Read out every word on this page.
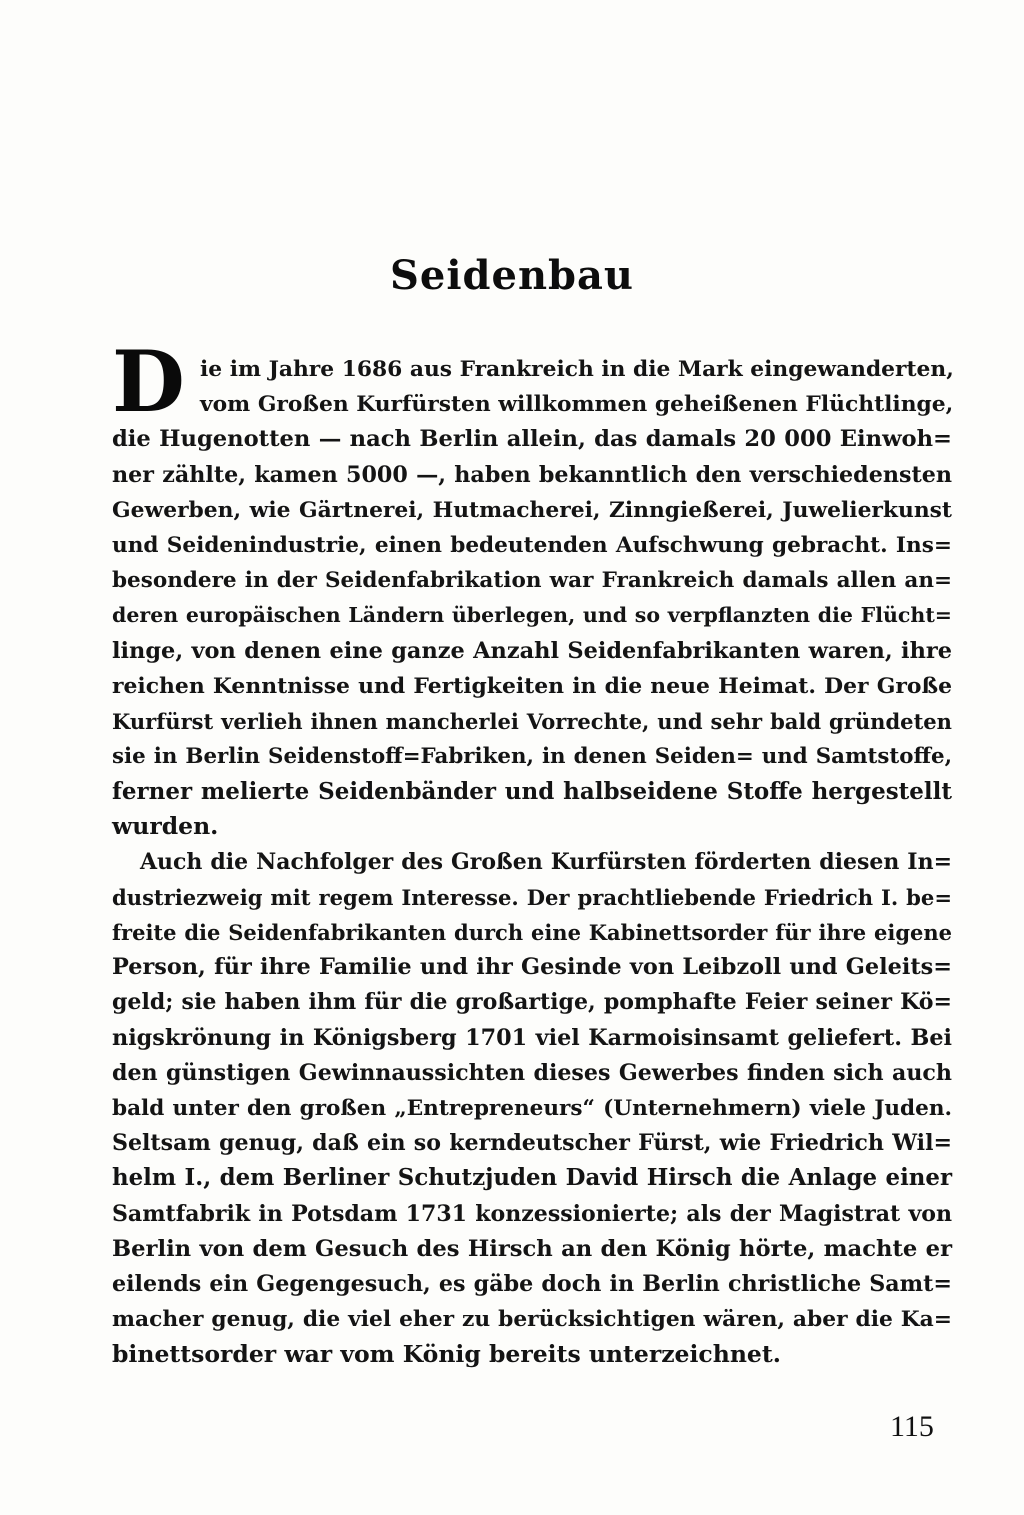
Seidenbau
D ie im Jahre 1686 aus Frankreich in die Mark eingewanderten,
vom Großen Kurfürsten willkommen geheißenen Flüchtlinge,
die Hugenotten — nach Berlin allein, das damals 20 000 Einwoh=
ner zählte, kamen 5000 —, haben bekanntlich den verschiedensten
Gewerben, wie Gärtnerei, Hutmacherei, Zinngießerei, Juwelierkunst
und Seidenindustrie, einen bedeutenden Aufschwung gebracht. Ins=
besondere in der Seidenfabrikation war Frankreich damals allen an=
deren europäischen Ländern überlegen, und so verpflanzten die Flücht=
linge, von denen eine ganze Anzahl Seidenfabrikanten waren, ihre
reichen Kenntnisse und Fertigkeiten in die neue Heimat. Der Große
Kurfürst verlieh ihnen mancherlei Vorrechte, und sehr bald gründeten
sie in Berlin Seidenstoff=Fabriken, in denen Seiden= und Samtstoffe,
ferner melierte Seidenbänder und halbseidene Stoffe hergestellt
wurden.
Auch die Nachfolger des Großen Kurfürsten förderten diesen In=
dustriezweig mit regem Interesse. Der prachtliebende Friedrich I. be=
freite die Seidenfabrikanten durch eine Kabinettsorder für ihre eigene
Person, für ihre Familie und ihr Gesinde von Leibzoll und Geleits=
geld; sie haben ihm für die großartige, pomphafte Feier seiner Kö=
nigskrönung in Königsberg 1701 viel Karmoisinsamt geliefert. Bei
den günstigen Gewinnaussichten dieses Gewerbes finden sich auch
bald unter den großen „Entrepreneurs“ (Unternehmern) viele Juden.
Seltsam genug, daß ein so kerndeutscher Fürst, wie Friedrich Wil=
helm I., dem Berliner Schutzjuden David Hirsch die Anlage einer
Samtfabrik in Potsdam 1731 konzessionierte; als der Magistrat von
Berlin von dem Gesuch des Hirsch an den König hörte, machte er
eilends ein Gegengesuch, es gäbe doch in Berlin christliche Samt=
macher genug, die viel eher zu berücksichtigen wären, aber die Ka=
binettsorder war vom König bereits unterzeichnet.
115
